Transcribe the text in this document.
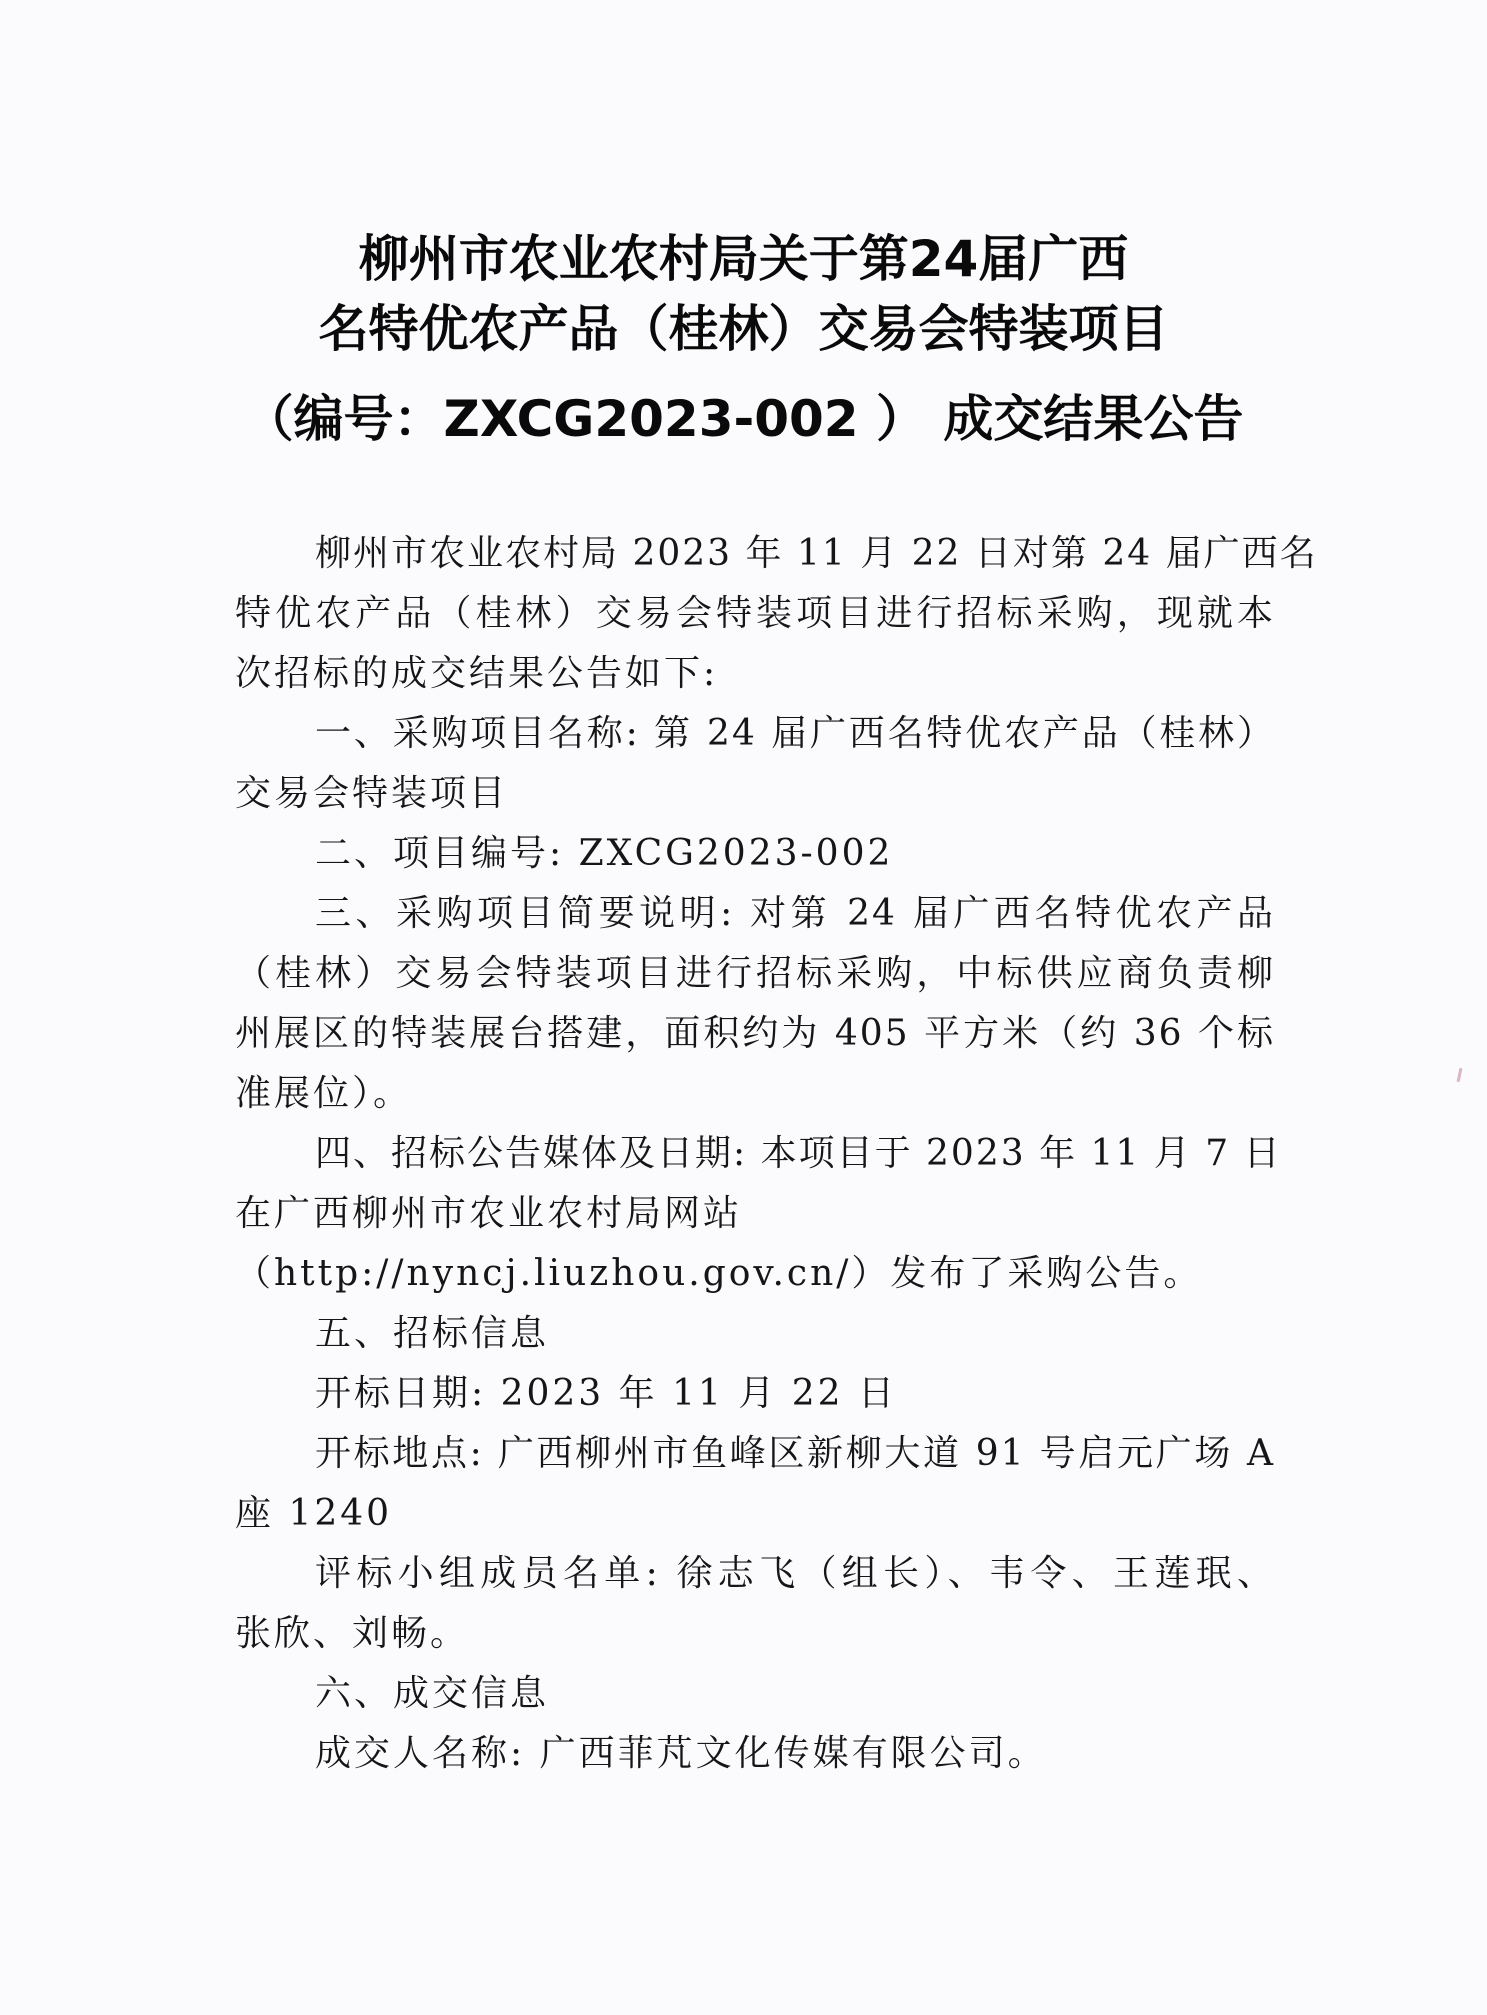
柳州市农业农村局关于第24届广西
名特优农产品（桂林）交易会特装项目
（编号：ZXCG2023-002 ） 成交结果公告

柳州市农业农村局 2023 年 11 月 22 日对第 24 届广西名

特优农产品（桂林）交易会特装项目进行招标采购，现就本

次招标的成交结果公告如下:

一、采购项目名称: 第 24 届广西名特优农产品（桂林）

交易会特装项目

二、项目编号: ZXCG2023-002

三、采购项目简要说明: 对第 24 届广西名特优农产品

（桂林）交易会特装项目进行招标采购，中标供应商负责柳

州展区的特装展台搭建，面积约为 405 平方米（约 36 个标

准展位）。

四、招标公告媒体及日期: 本项目于 2023 年 11 月 7 日

在广西柳州市农业农村局网站

（http://nyncj.liuzhou.gov.cn/）发布了采购公告。

五、招标信息

开标日期: 2023 年 11 月 22 日

开标地点: 广西柳州市鱼峰区新柳大道 91 号启元广场 A

座 1240

评标小组成员名单: 徐志飞（组长）、韦令、王莲珉、

张欣、刘畅。

六、成交信息

成交人名称: 广西菲芃文化传媒有限公司。
